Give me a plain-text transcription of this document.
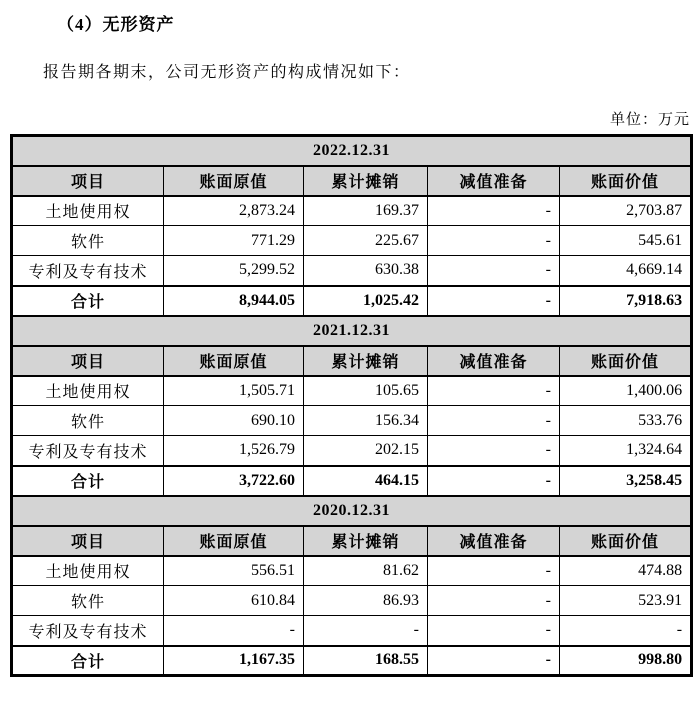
（4）无形资产
报告期各期末，公司无形资产的构成情况如下：
单位：万元
2022.12.31				
项目	账面原值	累计摊销	减值准备	账面价值
土地使用权	2,873.24	169.37	-	2,703.87
软件	771.29	225.67	-	545.61
专利及专有技术	5,299.52	630.38	-	4,669.14
合计	8,944.05	1,025.42	-	7,918.63
2021.12.31				
项目	账面原值	累计摊销	减值准备	账面价值
土地使用权	1,505.71	105.65	-	1,400.06
软件	690.10	156.34	-	533.76
专利及专有技术	1,526.79	202.15	-	1,324.64
合计	3,722.60	464.15	-	3,258.45
2020.12.31				
项目	账面原值	累计摊销	减值准备	账面价值
土地使用权	556.51	81.62	-	474.88
软件	610.84	86.93	-	523.91
专利及专有技术	-	-	-	-
合计	1,167.35	168.55	-	998.80
